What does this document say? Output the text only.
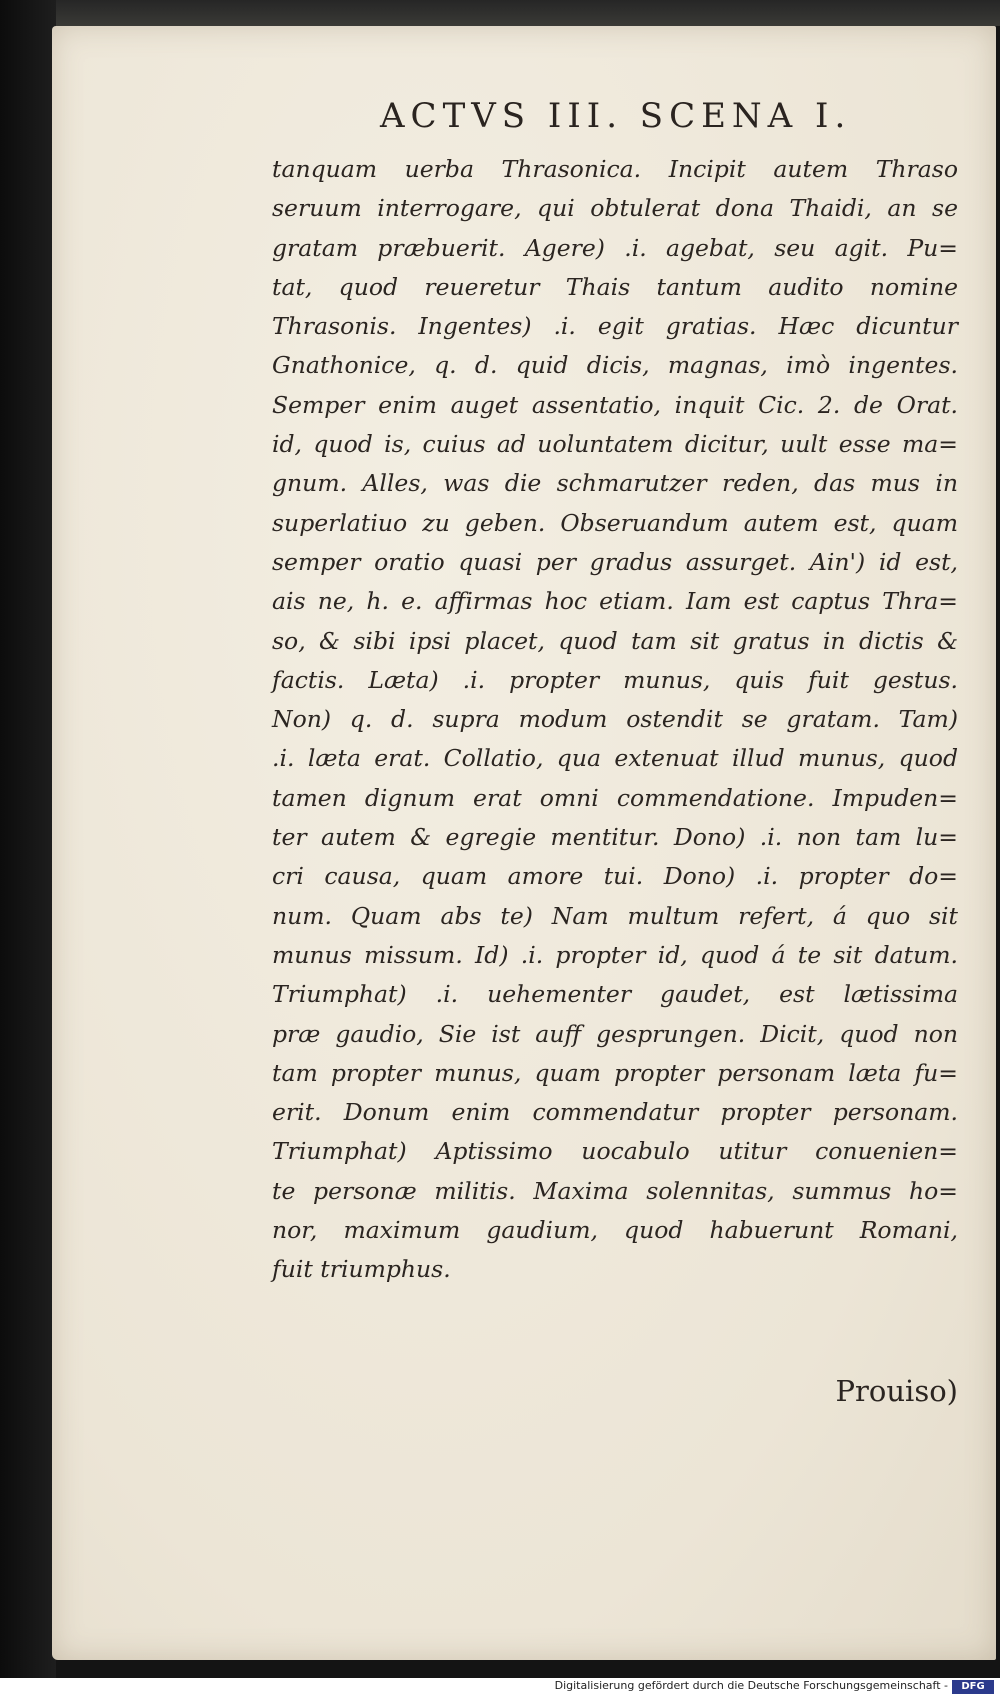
ACTVS III. SCENA I.
tanquam uerba Thrasonica. Incipit autem Thraso
seruum interrogare, qui obtulerat dona Thaidi, an se
gratam præbuerit. Agere) .i. agebat, seu agit. Pu=
tat, quod reueretur Thais tantum audito nomine
Thrasonis. Ingentes) .i. egit gratias. Hæc dicuntur
Gnathonice, q. d. quid dicis, magnas, imò ingentes.
Semper enim auget assentatio, inquit Cic. 2. de Orat.
id, quod is, cuius ad uoluntatem dicitur, uult esse ma=
gnum. Alles, was die schmarutzer reden, das mus in
superlatiuo zu geben. Obseruandum autem est, quam
semper oratio quasi per gradus assurget. Ain') id est,
ais ne, h. e. affirmas hoc etiam. Iam est captus Thra=
so, & sibi ipsi placet, quod tam sit gratus in dictis &
factis. Læta) .i. propter munus, quis fuit gestus.
Non) q. d. supra modum ostendit se gratam. Tam)
.i. læta erat. Collatio, qua extenuat illud munus, quod
tamen dignum erat omni commendatione. Impuden=
ter autem & egregie mentitur. Dono) .i. non tam lu=
cri causa, quam amore tui. Dono) .i. propter do=
num. Quam abs te) Nam multum refert, á quo sit
munus missum. Id) .i. propter id, quod á te sit datum.
Triumphat) .i. uehementer gaudet, est lætissima
præ gaudio, Sie ist auff gesprungen. Dicit, quod non
tam propter munus, quam propter personam læta fu=
erit. Donum enim commendatur propter personam.
Triumphat) Aptissimo uocabulo utitur conuenien=
te personæ militis. Maxima solennitas, summus ho=
nor, maximum gaudium, quod habuerunt Romani,
fuit triumphus.
Prouiso)
Digitalisierung gefördert durch die Deutsche Forschungsgemeinschaft -	DFG
